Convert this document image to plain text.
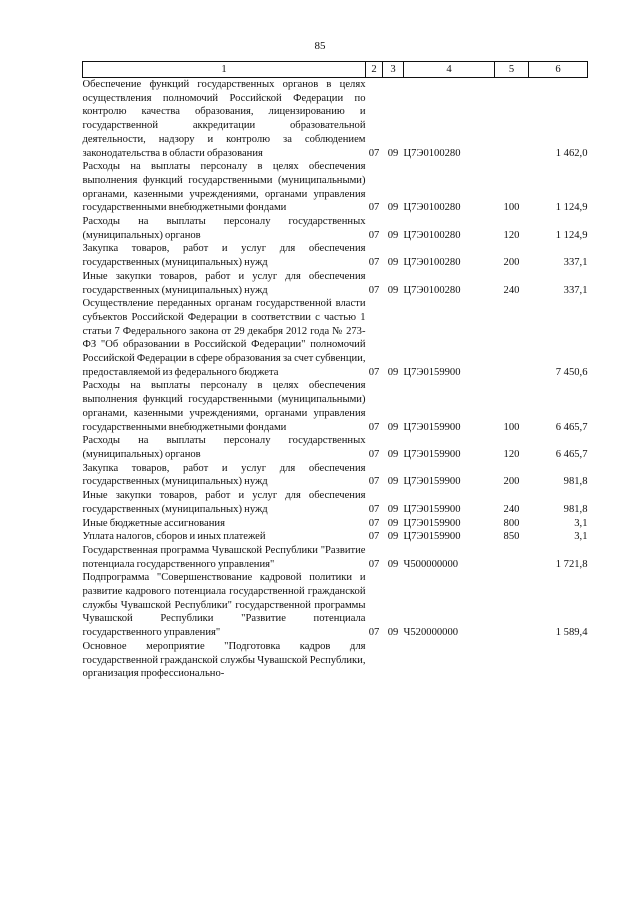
85
1	2	3	4	5	6
Обеспечение функций государственных органов в целях осуществления полномочий Российской Федерации по контролю качества образования, лицензированию и государственной аккредитации образовательной деятельности, надзору и контролю за соблюдением законодательства в области образования	07	09	Ц7Э0100280		1 462,0
Расходы на выплаты персоналу в целях обеспечения выполнения функций государственными (муниципальными) органами, казенными учреждениями, органами управления государственными внебюджетными фондами	07	09	Ц7Э0100280	100	1 124,9
Расходы на выплаты персоналу государственных (муниципальных) органов	07	09	Ц7Э0100280	120	1 124,9
Закупка товаров, работ и услуг для обеспечения государственных (муниципальных) нужд	07	09	Ц7Э0100280	200	337,1
Иные закупки товаров, работ и услуг для обеспечения государственных (муниципальных) нужд	07	09	Ц7Э0100280	240	337,1
Осуществление переданных органам государственной власти субъектов Российской Федерации в соответствии с частью 1 статьи 7 Федерального закона от 29 декабря 2012 года № 273-ФЗ "Об образовании в Российской Федерации" полномочий Российской Федерации в сфере образования за счет субвенции, предоставляемой из федерального бюджета	07	09	Ц7Э0159900		7 450,6
Расходы на выплаты персоналу в целях обеспечения выполнения функций государственными (муниципальными) органами, казенными учреждениями, органами управления государственными внебюджетными фондами	07	09	Ц7Э0159900	100	6 465,7
Расходы на выплаты персоналу государственных (муниципальных) органов	07	09	Ц7Э0159900	120	6 465,7
Закупка товаров, работ и услуг для обеспечения государственных (муниципальных) нужд	07	09	Ц7Э0159900	200	981,8
Иные закупки товаров, работ и услуг для обеспечения государственных (муниципальных) нужд	07	09	Ц7Э0159900	240	981,8
Иные бюджетные ассигнования	07	09	Ц7Э0159900	800	3,1
Уплата налогов, сборов и иных платежей	07	09	Ц7Э0159900	850	3,1
Государственная программа Чувашской Республики "Развитие потенциала государственного управления"	07	09	Ч500000000		1 721,8
Подпрограмма "Совершенствование кадровой политики и развитие кадрового потенциала государственной гражданской службы Чувашской Республики" государственной программы Чувашской Республики "Развитие потенциала государственного управления"	07	09	Ч520000000		1 589,4
Основное мероприятие "Подготовка кадров для государственной гражданской службы Чувашской Республики, организация профессионально-					
